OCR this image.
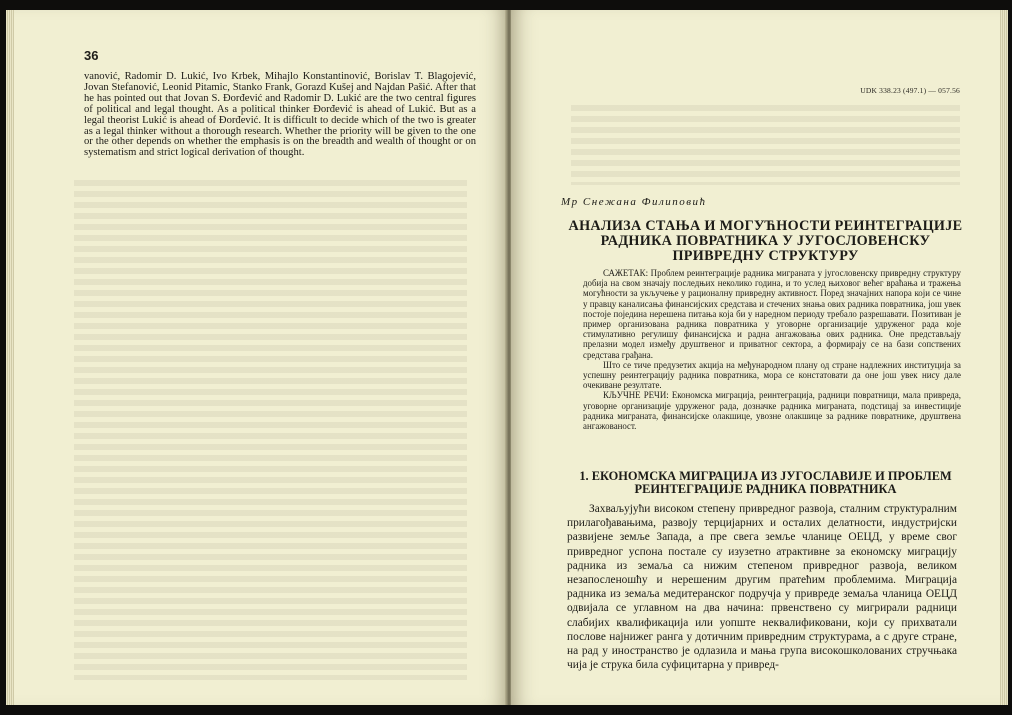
36

vanović, Radomir D. Lukić, Ivo Krbek, Mihajlo Konstantinović, Borislav T. Blagojević, Jovan Stefanović, Leonid Pitamic, Stanko Frank, Gorazd Kušej and Najdan Pašić. After that he has pointed out that Jovan S. Đorđević and Radomir D. Lukić are the two central figures of political and legal thought. As a political thinker Đorđević is ahead of Lukić. But as a legal theorist Lukić is ahead of Đorđević. It is difficult to decide which of the two is greater as a legal thinker without a thorough research. Whether the priority will be given to the one or the other depends on whether the emphasis is on the breadth and wealth of thought or on systematism and strict logical derivation of thought.

UDK 338.23 (497.1) — 057.56
Мр Снежана Филиповић
АНАЛИЗА СТАЊА И МОГУЋНОСТИ РЕИНТЕГРАЦИЈЕ
РАДНИКА ПОВРАТНИКА У ЈУГОСЛОВЕНСКУ
ПРИВРЕДНУ СТРУКТУРУ

САЖЕТАК: Проблем реинтеграције радника миграната у југословенску привредну структуру добија на свом значају последњих неколико година, и то услед њиховог већег враћања и тражења могућности за укључење у рационалну привредну активност. Поред значајних напора који се чине у правцу каналисања финансијских средстава и стечених знања ових радника повратника, још увек постоје поједина нерешена питања која би у наредном периоду требало разрешавати. Позитиван је пример организована радника повратника у уговорне организације удруженог рада које стимулативно регулишу финансијска и радна ангажовања ових радника. Оне представљају прелазни модел између друштвеног и приватног сектора, а формирају се на бази сопствених средстава грађана.

Што се тиче предузетих акција на међународном плану од стране надлежних институција за успешну реинтеграцију радника повратника, мора се констатовати да оне још увек нису дале очекиване резултате.

КЉУЧНЕ РЕЧИ: Економска миграција, реинтеграција, радници повратници, мала привреда, уговорне организације удруженог рада, дозначке радника миграната, подстицај за инвестиције радника миграната, финансијске олакшице, увозне олакшице за раднике повратнике, друштвена ангажованост.

1. ЕКОНОМСКА МИГРАЦИЈА ИЗ ЈУГОСЛАВИЈЕ И ПРОБЛЕМ
РЕИНТЕГРАЦИЈЕ РАДНИКА ПОВРАТНИКА

Захваљујући високом степену привредног развоја, сталним структуралним прилагођавањима, развоју терцијарних и осталих делатности, индустријски развијене земље Запада, а пре свега земље чланице ОЕЦД, у време свог привредног успона постале су изузетно атрактивне за економску миграцију радника из земаља са нижим степеном привредног развоја, великом незапосленошћу и нерешеним другим пратећим проблемима. Миграција радника из земаља медитеранског подручја у привреде земаља чланица ОЕЦД одвијала се углавном на два начина: првенствено су мигрирали радници слабијих квалификација или уопште неквалификовани, који су прихватали послове најнижег ранга у дотичним привредним структурама, а с друге стране, на рад у иностранство је одлазила и мања група високошколованих стручњака чија је струка била суфицитарна у привред-
